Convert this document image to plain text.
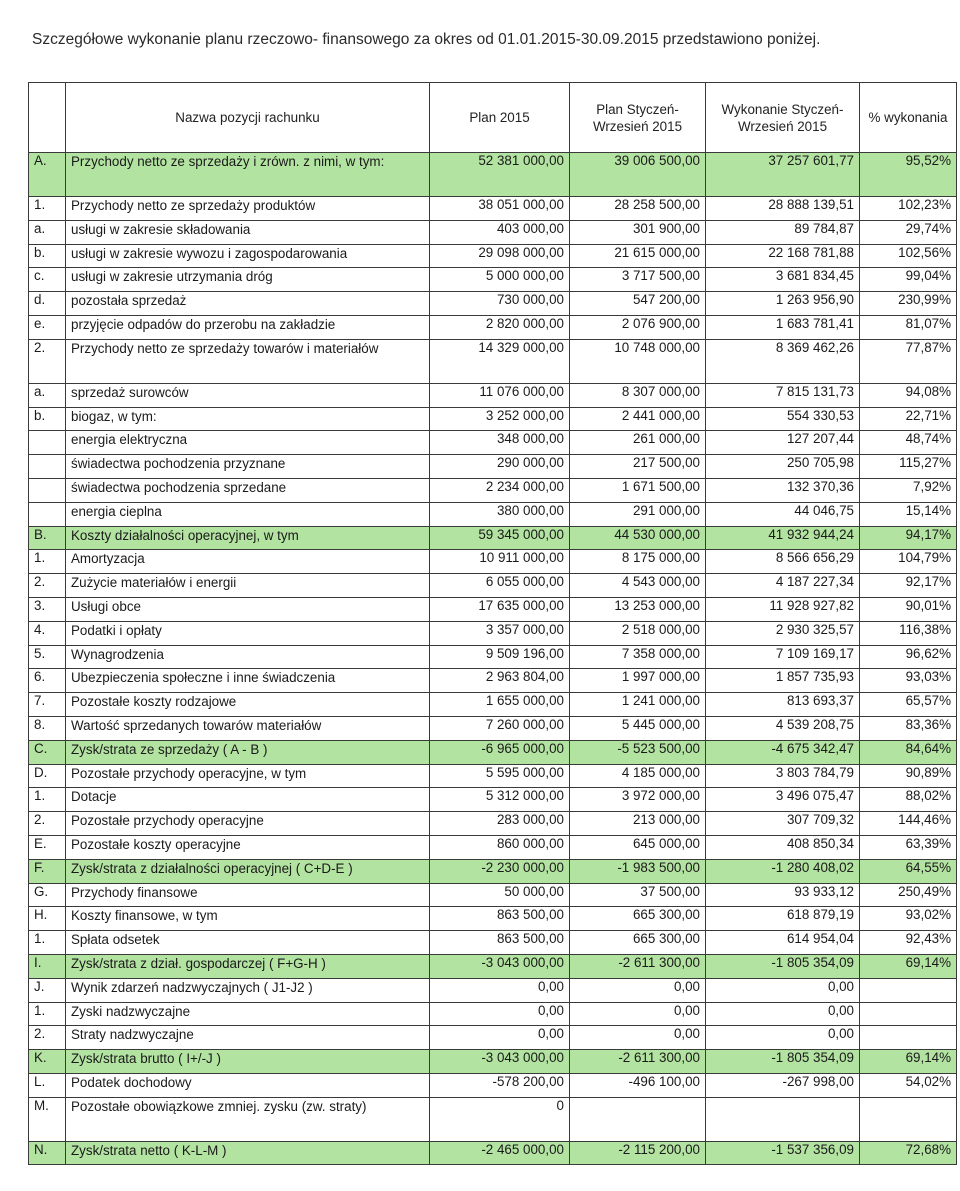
Szczegółowe wykonanie planu rzeczowo- finansowego za okres od 01.01.2015-30.09.2015 przedstawiono poniżej.

	Nazwa pozycji rachunku	Plan 2015	Plan Styczeń-Wrzesień 2015	Wykonanie Styczeń- Wrzesień 2015	% wykonania
A.	Przychody netto ze sprzedaży i zrówn. z nimi, w tym:	52 381 000,00	39 006 500,00	37 257 601,77	95,52%
1.	Przychody netto ze sprzedaży produktów	38 051 000,00	28 258 500,00	28 888 139,51	102,23%
a.	usługi w zakresie składowania	403 000,00	301 900,00	89 784,87	29,74%
b.	usługi w zakresie wywozu i zagospodarowania	29 098 000,00	21 615 000,00	22 168 781,88	102,56%
c.	usługi w zakresie utrzymania dróg	5 000 000,00	3 717 500,00	3 681 834,45	99,04%
d.	pozostała sprzedaż	730 000,00	547 200,00	1 263 956,90	230,99%
e.	przyjęcie odpadów do przerobu na zakładzie	2 820 000,00	2 076 900,00	1 683 781,41	81,07%
2.	Przychody netto ze sprzedaży towarów i materiałów	14 329 000,00	10 748 000,00	8 369 462,26	77,87%
a.	sprzedaż surowców	11 076 000,00	8 307 000,00	7 815 131,73	94,08%
b.	biogaz, w tym:	3 252 000,00	2 441 000,00	554 330,53	22,71%
	energia elektryczna	348 000,00	261 000,00	127 207,44	48,74%
	świadectwa pochodzenia przyznane	290 000,00	217 500,00	250 705,98	115,27%
	świadectwa pochodzenia sprzedane	2 234 000,00	1 671 500,00	132 370,36	7,92%
	energia cieplna	380 000,00	291 000,00	44 046,75	15,14%
B.	Koszty działalności operacyjnej, w tym	59 345 000,00	44 530 000,00	41 932 944,24	94,17%
1.	Amortyzacja	10 911 000,00	8 175 000,00	8 566 656,29	104,79%
2.	Zużycie materiałów i energii	6 055 000,00	4 543 000,00	4 187 227,34	92,17%
3.	Usługi obce	17 635 000,00	13 253 000,00	11 928 927,82	90,01%
4.	Podatki i opłaty	3 357 000,00	2 518 000,00	2 930 325,57	116,38%
5.	Wynagrodzenia	9 509 196,00	7 358 000,00	7 109 169,17	96,62%
6.	Ubezpieczenia społeczne i inne świadczenia	2 963 804,00	1 997 000,00	1 857 735,93	93,03%
7.	Pozostałe koszty rodzajowe	1 655 000,00	1 241 000,00	813 693,37	65,57%
8.	Wartość sprzedanych towarów materiałów	7 260 000,00	5 445 000,00	4 539 208,75	83,36%
C.	Zysk/strata ze sprzedaży ( A - B )	-6 965 000,00	-5 523 500,00	-4 675 342,47	84,64%
D.	Pozostałe przychody operacyjne, w tym	5 595 000,00	4 185 000,00	3 803 784,79	90,89%
1.	Dotacje	5 312 000,00	3 972 000,00	3 496 075,47	88,02%
2.	Pozostałe przychody operacyjne	283 000,00	213 000,00	307 709,32	144,46%
E.	Pozostałe koszty operacyjne	860 000,00	645 000,00	408 850,34	63,39%
F.	Zysk/strata z działalności operacyjnej ( C+D-E )	-2 230 000,00	-1 983 500,00	-1 280 408,02	64,55%
G.	Przychody finansowe	50 000,00	37 500,00	93 933,12	250,49%
H.	Koszty finansowe, w tym	863 500,00	665 300,00	618 879,19	93,02%
1.	Spłata odsetek	863 500,00	665 300,00	614 954,04	92,43%
I.	Zysk/strata z dział. gospodarczej ( F+G-H )	-3 043 000,00	-2 611 300,00	-1 805 354,09	69,14%
J.	Wynik zdarzeń nadzwyczajnych ( J1-J2 )	0,00	0,00	0,00	
1.	Zyski nadzwyczajne	0,00	0,00	0,00	
2.	Straty nadzwyczajne	0,00	0,00	0,00	
K.	Zysk/strata brutto ( I+/-J )	-3 043 000,00	-2 611 300,00	-1 805 354,09	69,14%
L.	Podatek dochodowy	-578 200,00	-496 100,00	-267 998,00	54,02%
M.	Pozostałe obowiązkowe zmniej. zysku (zw. straty)	0			
N.	Zysk/strata netto ( K-L-M )	-2 465 000,00	-2 115 200,00	-1 537 356,09	72,68%
